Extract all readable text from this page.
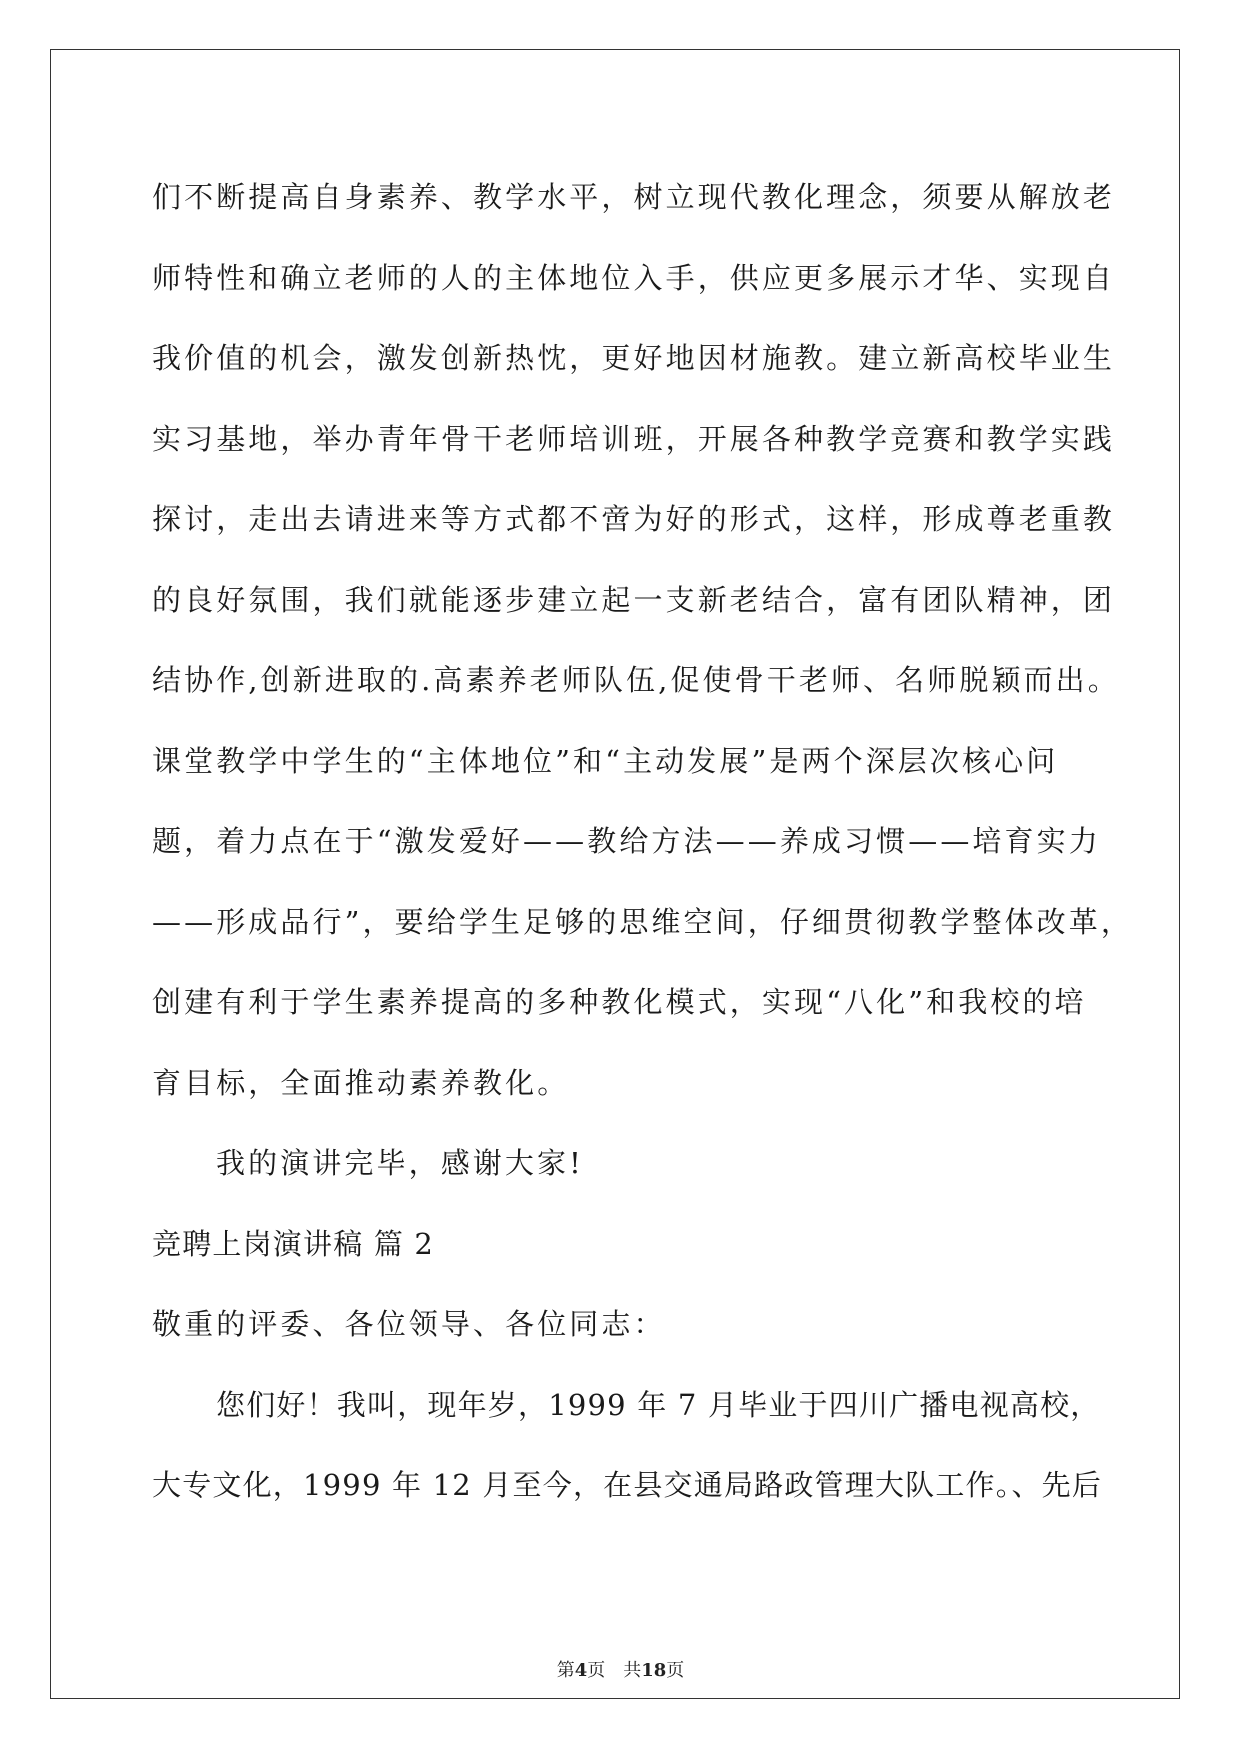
们不断提高自身素养、教学水平，树立现代教化理念，须要从解放老
师特性和确立老师的人的主体地位入手，供应更多展示才华、实现自
我价值的机会，激发创新热忱，更好地因材施教。建立新高校毕业生
实习基地，举办青年骨干老师培训班，开展各种教学竞赛和教学实践
探讨，走出去请进来等方式都不啻为好的形式，这样，形成尊老重教
的良好氛围，我们就能逐步建立起一支新老结合，富有团队精神，团
结协作,创新进取的.高素养老师队伍,促使骨干老师、名师脱颖而出。
课堂教学中学生的“主体地位”和“主动发展”是两个深层次核心问
题，着力点在于“激发爱好——教给方法——养成习惯——培育实力
——形成品行”，要给学生足够的思维空间，仔细贯彻教学整体改革，
创建有利于学生素养提高的多种教化模式，实现“八化”和我校的培
育目标，全面推动素养教化。
我的演讲完毕，感谢大家!
竞聘上岗演讲稿 篇 2
敬重的评委、各位领导、各位同志：
您们好！我叫，现年岁，1999 年 7 月毕业于四川广播电视高校，
大专文化，1999 年 12 月至今，在县交通局路政管理大队工作。、先后
第4页 共18页
